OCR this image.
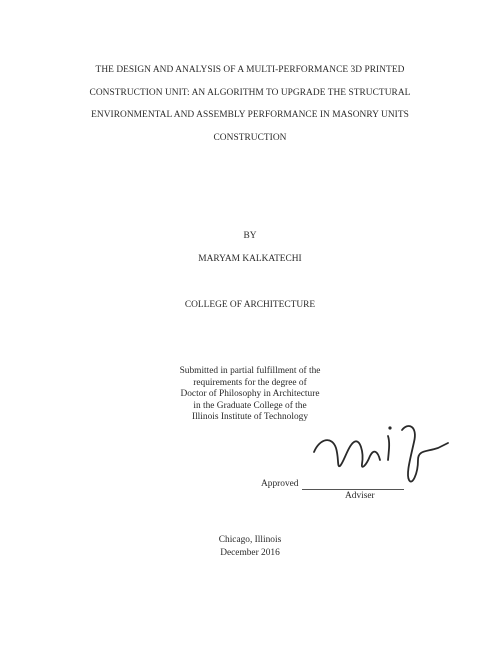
THE DESIGN AND ANALYSIS OF A MULTI-PERFORMANCE 3D PRINTED
CONSTRUCTION UNIT: AN ALGORITHM TO UPGRADE THE STRUCTURAL
ENVIRONMENTAL AND ASSEMBLY PERFORMANCE IN MASONRY UNITS
CONSTRUCTION
BY
MARYAM KALKATECHI
COLLEGE OF ARCHITECTURE
Submitted in partial fulfillment of the
requirements for the degree of
Doctor of Philosophy in Architecture
in the Graduate College of the
Illinois Institute of Technology
Approved
Adviser
Chicago, Illinois
December 2016
